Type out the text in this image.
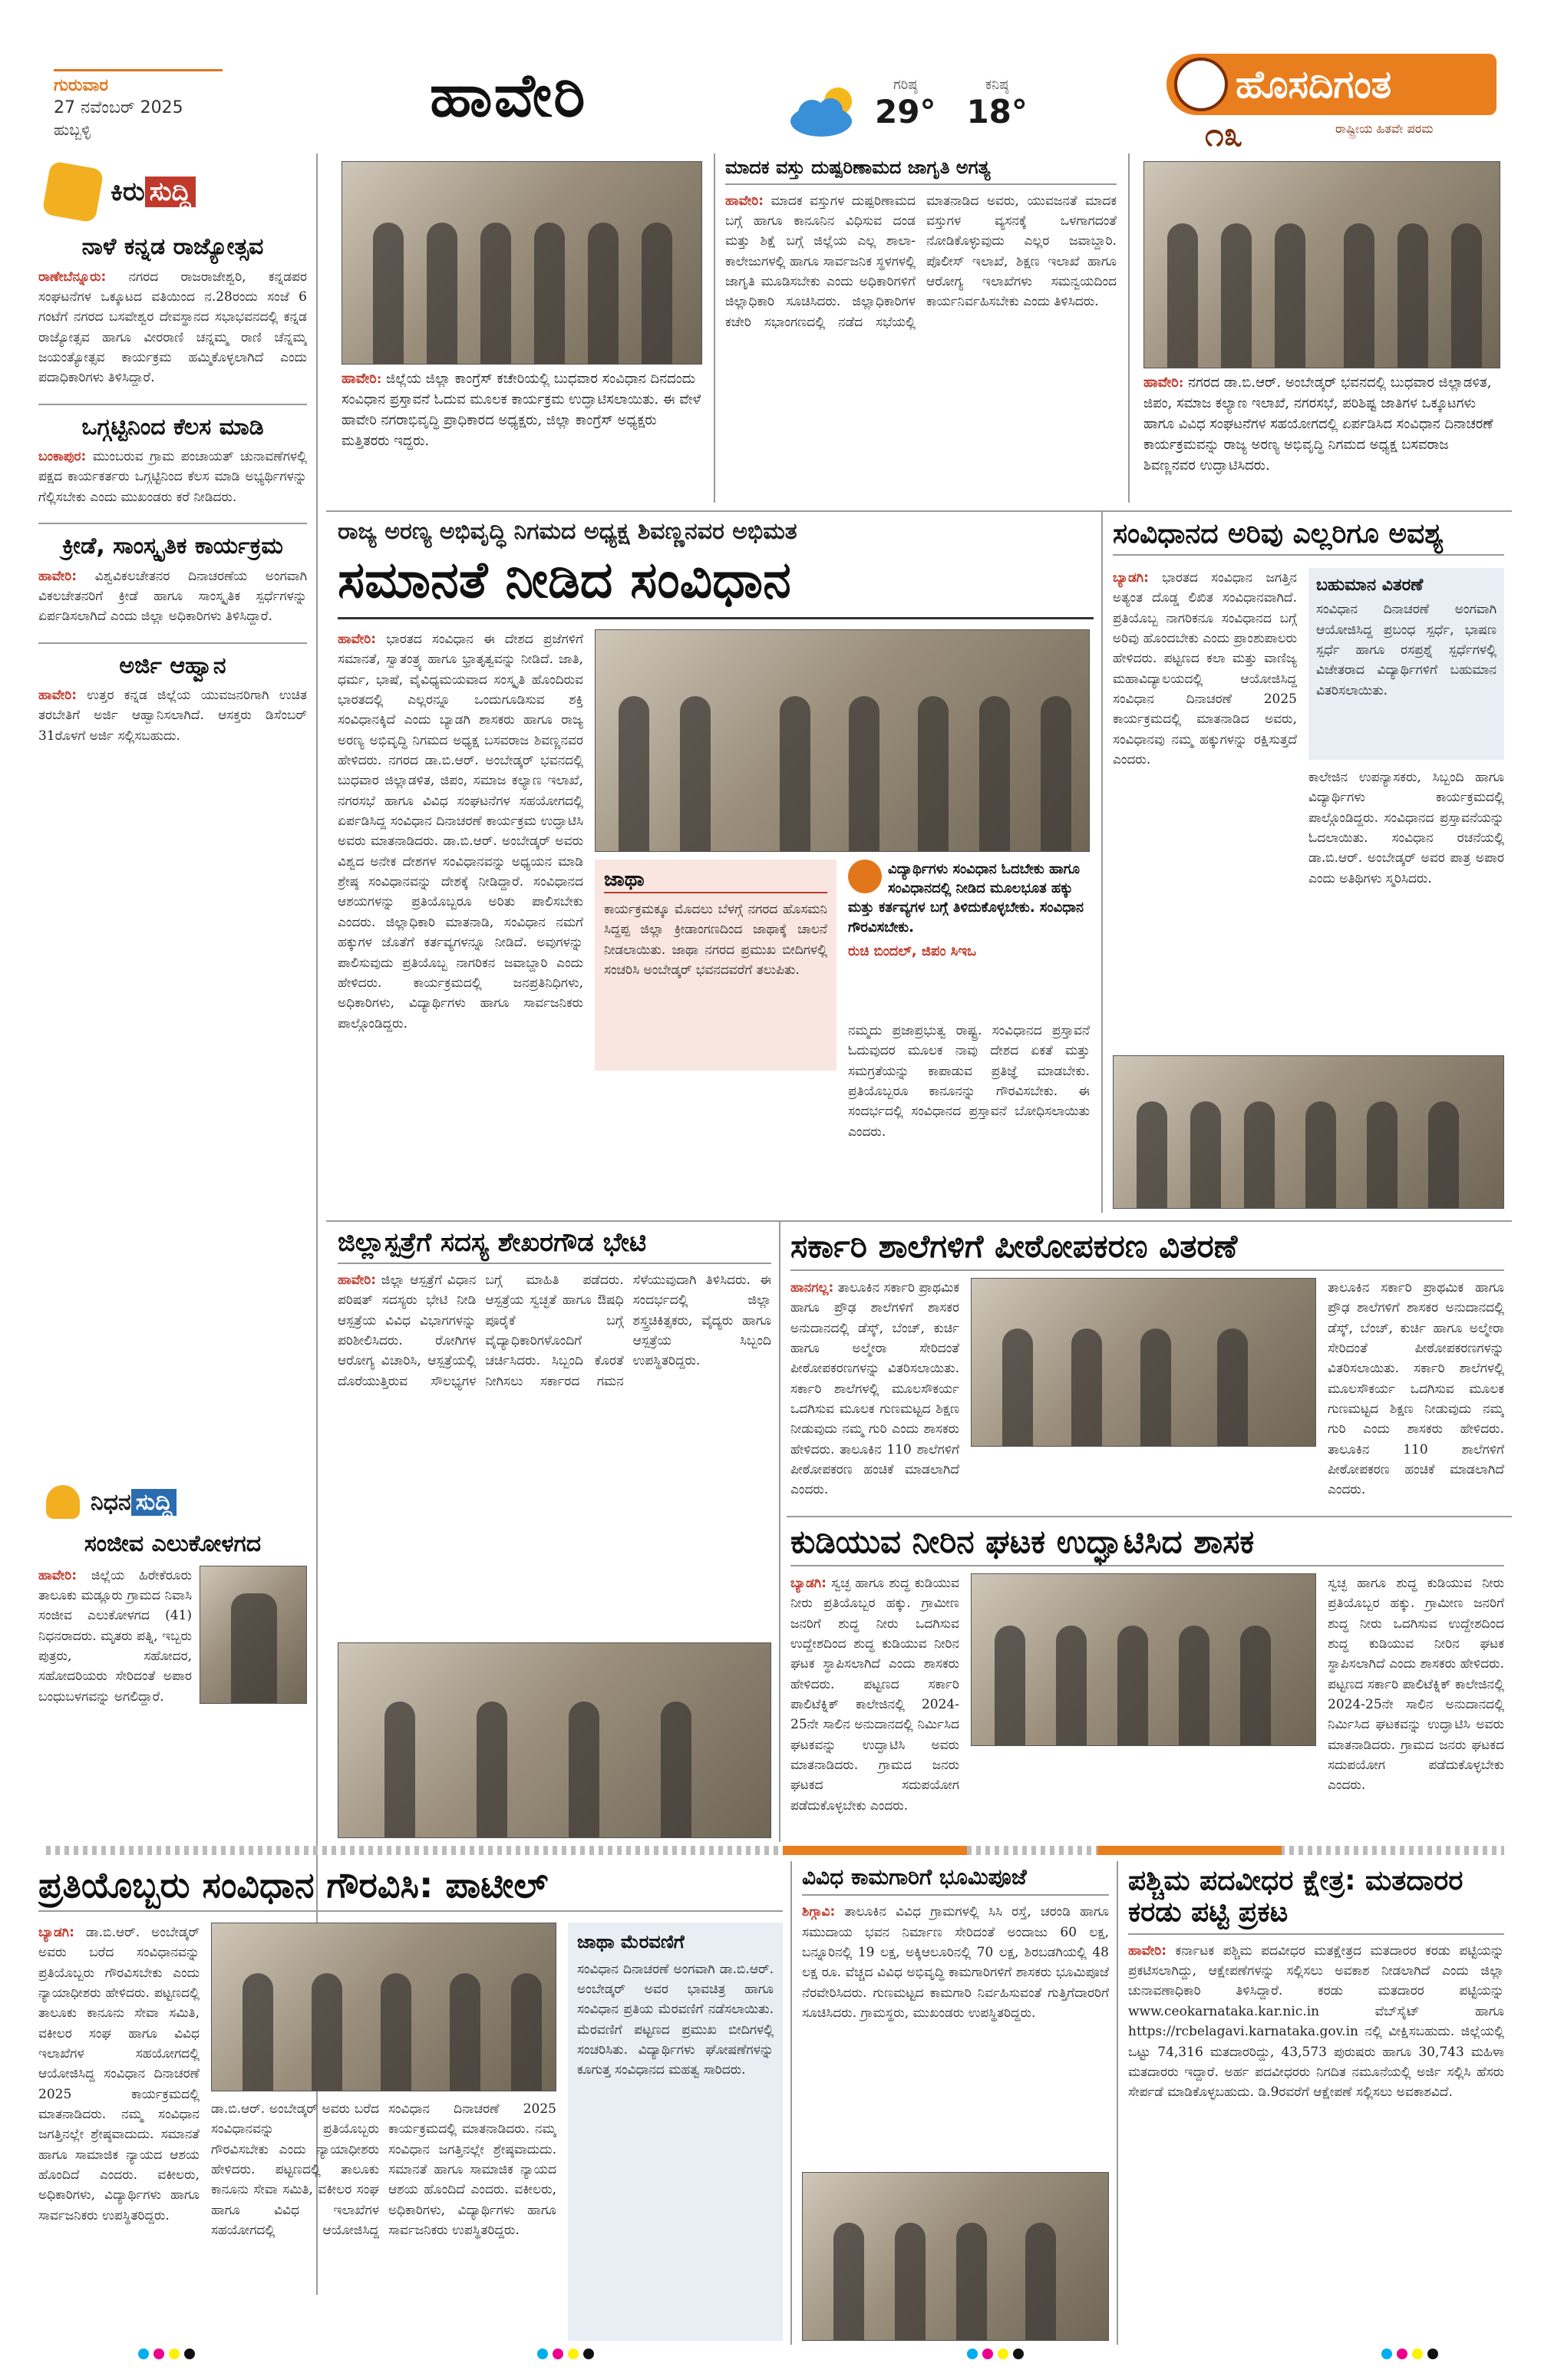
ಗುರುವಾರ
27 ನವೆಂಬರ್ 2025
ಹುಬ್ಬಳ್ಳಿ	ಹಾವೇರಿ	ಗರಿಷ್ಠ
29°
ಕನಿಷ್ಠ
18°
ಹೊಸದಿಗಂತ
೧೩	ರಾಷ್ಟ್ರೀಯ ಹಿತವೇ ಪರಮ
ಕಿರು ಸುದ್ದಿ
ನಾಳೆ ಕನ್ನಡ ರಾಜ್ಯೋತ್ಸವ

ರಾಣೇಬೆನ್ನೂರು: ನಗರದ ರಾಜರಾಜೇಶ್ವರಿ, ಕನ್ನಡಪರ ಸಂಘಟನೆಗಳ ಒಕ್ಕೂಟದ ವತಿಯಿಂದ ನ.28ರಂದು ಸಂಜೆ 6 ಗಂಟೆಗೆ ನಗರದ ಬಸವೇಶ್ವರ ದೇವಸ್ಥಾನದ ಸಭಾಭವನದಲ್ಲಿ ಕನ್ನಡ ರಾಜ್ಯೋತ್ಸವ ಹಾಗೂ ವೀರರಾಣಿ ಚನ್ನಮ್ಮ ರಾಣಿ ಚೆನ್ನಮ್ಮ ಜಯಂತ್ಯೋತ್ಸವ ಕಾರ್ಯಕ್ರಮ ಹಮ್ಮಿಕೊಳ್ಳಲಾಗಿದೆ ಎಂದು ಪದಾಧಿಕಾರಿಗಳು ತಿಳಿಸಿದ್ದಾರೆ.

ಒಗ್ಗಟ್ಟಿನಿಂದ ಕೆಲಸ ಮಾಡಿ

ಬಂಕಾಪುರ: ಮುಂಬರುವ ಗ್ರಾಮ ಪಂಚಾಯತ್ ಚುನಾವಣೆಗಳಲ್ಲಿ ಪಕ್ಷದ ಕಾರ್ಯಕರ್ತರು ಒಗ್ಗಟ್ಟಿನಿಂದ ಕೆಲಸ ಮಾಡಿ ಅಭ್ಯರ್ಥಿಗಳನ್ನು ಗೆಲ್ಲಿಸಬೇಕು ಎಂದು ಮುಖಂಡರು ಕರೆ ನೀಡಿದರು.

ಕ್ರೀಡೆ, ಸಾಂಸ್ಕೃತಿಕ ಕಾರ್ಯಕ್ರಮ

ಹಾವೇರಿ: ವಿಶ್ವವಿಕಲಚೇತನರ ದಿನಾಚರಣೆಯ ಅಂಗವಾಗಿ ವಿಕಲಚೇತನರಿಗೆ ಕ್ರೀಡೆ ಹಾಗೂ ಸಾಂಸ್ಕೃತಿಕ ಸ್ಪರ್ಧೆಗಳನ್ನು ಏರ್ಪಡಿಸಲಾಗಿದೆ ಎಂದು ಜಿಲ್ಲಾ ಅಧಿಕಾರಿಗಳು ತಿಳಿಸಿದ್ದಾರೆ.

ಅರ್ಜಿ ಆಹ್ವಾನ

ಹಾವೇರಿ: ಉತ್ತರ ಕನ್ನಡ ಜಿಲ್ಲೆಯ ಯುವಜನರಿಗಾಗಿ ಉಚಿತ ತರಬೇತಿಗೆ ಅರ್ಜಿ ಆಹ್ವಾನಿಸಲಾಗಿದೆ. ಆಸಕ್ತರು ಡಿಸೆಂಬರ್ 31ರೊಳಗೆ ಅರ್ಜಿ ಸಲ್ಲಿಸಬಹುದು.

ನಿಧನ ಸುದ್ದಿ
ಸಂಜೀವ ಎಲುಕೋಳಗದ

ಹಾವೇರಿ: ಜಿಲ್ಲೆಯ ಹಿರೇಕೆರೂರು ತಾಲೂಕು ಮಡ್ಲೂರು ಗ್ರಾಮದ ನಿವಾಸಿ ಸಂಜೀವ ಎಲುಕೋಳಗದ (41) ನಿಧನರಾದರು. ಮೃತರು ಪತ್ನಿ, ಇಬ್ಬರು ಪುತ್ರರು, ಸಹೋದರ, ಸಹೋದರಿಯರು ಸೇರಿದಂತೆ ಅಪಾರ ಬಂಧುಬಳಗವನ್ನು ಅಗಲಿದ್ದಾರೆ.

ಹಾವೇರಿ: ಜಿಲ್ಲೆಯ ಜಿಲ್ಲಾ ಕಾಂಗ್ರೆಸ್ ಕಚೇರಿಯಲ್ಲಿ ಬುಧವಾರ ಸಂವಿಧಾನ ದಿನದಂದು ಸಂವಿಧಾನ ಪ್ರಸ್ತಾವನೆ ಓದುವ ಮೂಲಕ ಕಾರ್ಯಕ್ರಮ ಉದ್ಘಾಟಿಸಲಾಯಿತು. ಈ ವೇಳೆ ಹಾವೇರಿ ನಗರಾಭಿವೃದ್ಧಿ ಪ್ರಾಧಿಕಾರದ ಅಧ್ಯಕ್ಷರು, ಜಿಲ್ಲಾ ಕಾಂಗ್ರೆಸ್ ಅಧ್ಯಕ್ಷರು ಮತ್ತಿತರರು ಇದ್ದರು.
ಮಾದಕ ವಸ್ತು ದುಷ್ಪರಿಣಾಮದ ಜಾಗೃತಿ ಅಗತ್ಯ

ಹಾವೇರಿ: ಮಾದಕ ವಸ್ತುಗಳ ದುಷ್ಪರಿಣಾಮದ ಬಗ್ಗೆ ಹಾಗೂ ಕಾನೂನಿನ ವಿಧಿಸುವ ದಂಡ ಮತ್ತು ಶಿಕ್ಷೆ ಬಗ್ಗೆ ಜಿಲ್ಲೆಯ ಎಲ್ಲ ಶಾಲಾ-ಕಾಲೇಜುಗಳಲ್ಲಿ ಹಾಗೂ ಸಾರ್ವಜನಿಕ ಸ್ಥಳಗಳಲ್ಲಿ ಜಾಗೃತಿ ಮೂಡಿಸಬೇಕು ಎಂದು ಅಧಿಕಾರಿಗಳಿಗೆ ಜಿಲ್ಲಾಧಿಕಾರಿ ಸೂಚಿಸಿದರು. ಜಿಲ್ಲಾಧಿಕಾರಿಗಳ ಕಚೇರಿ ಸಭಾಂಗಣದಲ್ಲಿ ನಡೆದ ಸಭೆಯಲ್ಲಿ ಮಾತನಾಡಿದ ಅವರು, ಯುವಜನತೆ ಮಾದಕ ವಸ್ತುಗಳ ವ್ಯಸನಕ್ಕೆ ಒಳಗಾಗದಂತೆ ನೋಡಿಕೊಳ್ಳುವುದು ಎಲ್ಲರ ಜವಾಬ್ದಾರಿ. ಪೊಲೀಸ್ ಇಲಾಖೆ, ಶಿಕ್ಷಣ ಇಲಾಖೆ ಹಾಗೂ ಆರೋಗ್ಯ ಇಲಾಖೆಗಳು ಸಮನ್ವಯದಿಂದ ಕಾರ್ಯನಿರ್ವಹಿಸಬೇಕು ಎಂದು ತಿಳಿಸಿದರು.

ಹಾವೇರಿ: ನಗರದ ಡಾ.ಬಿ.ಆರ್. ಅಂಬೇಡ್ಕರ್ ಭವನದಲ್ಲಿ ಬುಧವಾರ ಜಿಲ್ಲಾಡಳಿತ, ಜಿಪಂ, ಸಮಾಜ ಕಲ್ಯಾಣ ಇಲಾಖೆ, ನಗರಸಭೆ, ಪರಿಶಿಷ್ಟ ಜಾತಿಗಳ ಒಕ್ಕೂಟಗಳು ಹಾಗೂ ವಿವಿಧ ಸಂಘಟನೆಗಳ ಸಹಯೋಗದಲ್ಲಿ ಏರ್ಪಡಿಸಿದ ಸಂವಿಧಾನ ದಿನಾಚರಣೆ ಕಾರ್ಯಕ್ರಮವನ್ನು ರಾಜ್ಯ ಅರಣ್ಯ ಅಭಿವೃದ್ಧಿ ನಿಗಮದ ಅಧ್ಯಕ್ಷ ಬಸವರಾಜ ಶಿವಣ್ಣನವರ ಉದ್ಘಾಟಿಸಿದರು.
ರಾಜ್ಯ ಅರಣ್ಯ ಅಭಿವೃದ್ಧಿ ನಿಗಮದ ಅಧ್ಯಕ್ಷ ಶಿವಣ್ಣನವರ ಅಭಿಮತ
ಸಮಾನತೆ ನೀಡಿದ ಸಂವಿಧಾನ

ಹಾವೇರಿ: ಭಾರತದ ಸಂವಿಧಾನ ಈ ದೇಶದ ಪ್ರಜೆಗಳಿಗೆ ಸಮಾನತೆ, ಸ್ವಾತಂತ್ರ್ಯ ಹಾಗೂ ಭ್ರಾತೃತ್ವವನ್ನು ನೀಡಿದೆ. ಜಾತಿ, ಧರ್ಮ, ಭಾಷೆ, ವೈವಿಧ್ಯಮಯವಾದ ಸಂಸ್ಕೃತಿ ಹೊಂದಿರುವ ಭಾರತದಲ್ಲಿ ಎಲ್ಲರನ್ನೂ ಒಂದುಗೂಡಿಸುವ ಶಕ್ತಿ ಸಂವಿಧಾನಕ್ಕಿದೆ ಎಂದು ಬ್ಯಾಡಗಿ ಶಾಸಕರು ಹಾಗೂ ರಾಜ್ಯ ಅರಣ್ಯ ಅಭಿವೃದ್ಧಿ ನಿಗಮದ ಅಧ್ಯಕ್ಷ ಬಸವರಾಜ ಶಿವಣ್ಣನವರ ಹೇಳಿದರು. ನಗರದ ಡಾ.ಬಿ.ಆರ್. ಅಂಬೇಡ್ಕರ್ ಭವನದಲ್ಲಿ ಬುಧವಾರ ಜಿಲ್ಲಾಡಳಿತ, ಜಿಪಂ, ಸಮಾಜ ಕಲ್ಯಾಣ ಇಲಾಖೆ, ನಗರಸಭೆ ಹಾಗೂ ವಿವಿಧ ಸಂಘಟನೆಗಳ ಸಹಯೋಗದಲ್ಲಿ ಏರ್ಪಡಿಸಿದ್ದ ಸಂವಿಧಾನ ದಿನಾಚರಣೆ ಕಾರ್ಯಕ್ರಮ ಉದ್ಘಾಟಿಸಿ ಅವರು ಮಾತನಾಡಿದರು. ಡಾ.ಬಿ.ಆರ್. ಅಂಬೇಡ್ಕರ್ ಅವರು ವಿಶ್ವದ ಅನೇಕ ದೇಶಗಳ ಸಂವಿಧಾನವನ್ನು ಅಧ್ಯಯನ ಮಾಡಿ ಶ್ರೇಷ್ಠ ಸಂವಿಧಾನವನ್ನು ದೇಶಕ್ಕೆ ನೀಡಿದ್ದಾರೆ. ಸಂವಿಧಾನದ ಆಶಯಗಳನ್ನು ಪ್ರತಿಯೊಬ್ಬರೂ ಅರಿತು ಪಾಲಿಸಬೇಕು ಎಂದರು. ಜಿಲ್ಲಾಧಿಕಾರಿ ಮಾತನಾಡಿ, ಸಂವಿಧಾನ ನಮಗೆ ಹಕ್ಕುಗಳ ಜೊತೆಗೆ ಕರ್ತವ್ಯಗಳನ್ನೂ ನೀಡಿದೆ. ಅವುಗಳನ್ನು ಪಾಲಿಸುವುದು ಪ್ರತಿಯೊಬ್ಬ ನಾಗರಿಕನ ಜವಾಬ್ದಾರಿ ಎಂದು ಹೇಳಿದರು. ಕಾರ್ಯಕ್ರಮದಲ್ಲಿ ಜನಪ್ರತಿನಿಧಿಗಳು, ಅಧಿಕಾರಿಗಳು, ವಿದ್ಯಾರ್ಥಿಗಳು ಹಾಗೂ ಸಾರ್ವಜನಿಕರು ಪಾಲ್ಗೊಂಡಿದ್ದರು.

ಜಾಥಾ

ಕಾರ್ಯಕ್ರಮಕ್ಕೂ ಮೊದಲು ಬೆಳಗ್ಗೆ ನಗರದ ಹೊಸಮನಿ ಸಿದ್ದಪ್ಪ ಜಿಲ್ಲಾ ಕ್ರೀಡಾಂಗಣದಿಂದ ಜಾಥಾಕ್ಕೆ ಚಾಲನೆ ನೀಡಲಾಯಿತು. ಜಾಥಾ ನಗರದ ಪ್ರಮುಖ ಬೀದಿಗಳಲ್ಲಿ ಸಂಚರಿಸಿ ಅಂಬೇಡ್ಕರ್ ಭವನದವರೆಗೆ ತಲುಪಿತು.

ವಿದ್ಯಾರ್ಥಿಗಳು ಸಂವಿಧಾನ ಓದಬೇಕು ಹಾಗೂ ಸಂವಿಧಾನದಲ್ಲಿ ನೀಡಿದ ಮೂಲಭೂತ ಹಕ್ಕು ಮತ್ತು ಕರ್ತವ್ಯಗಳ ಬಗ್ಗೆ ತಿಳಿದುಕೊಳ್ಳಬೇಕು. ಸಂವಿಧಾನ ಗೌರವಿಸಬೇಕು.

ರುಚಿ ಬಿಂದಲ್, ಜಿಪಂ ಸಿಇಒ

ನಮ್ಮದು ಪ್ರಜಾಪ್ರಭುತ್ವ ರಾಷ್ಟ್ರ. ಸಂವಿಧಾನದ ಪ್ರಸ್ತಾವನೆ ಓದುವುದರ ಮೂಲಕ ನಾವು ದೇಶದ ಏಕತೆ ಮತ್ತು ಸಮಗ್ರತೆಯನ್ನು ಕಾಪಾಡುವ ಪ್ರತಿಜ್ಞೆ ಮಾಡಬೇಕು. ಪ್ರತಿಯೊಬ್ಬರೂ ಕಾನೂನನ್ನು ಗೌರವಿಸಬೇಕು. ಈ ಸಂದರ್ಭದಲ್ಲಿ ಸಂವಿಧಾನದ ಪ್ರಸ್ತಾವನೆ ಬೋಧಿಸಲಾಯಿತು ಎಂದರು.

ಸಂವಿಧಾನದ ಅರಿವು ಎಲ್ಲರಿಗೂ ಅವಶ್ಯ

ಬ್ಯಾಡಗಿ: ಭಾರತದ ಸಂವಿಧಾನ ಜಗತ್ತಿನ ಅತ್ಯಂತ ದೊಡ್ಡ ಲಿಖಿತ ಸಂವಿಧಾನವಾಗಿದೆ. ಪ್ರತಿಯೊಬ್ಬ ನಾಗರಿಕನೂ ಸಂವಿಧಾನದ ಬಗ್ಗೆ ಅರಿವು ಹೊಂದಬೇಕು ಎಂದು ಪ್ರಾಂಶುಪಾಲರು ಹೇಳಿದರು. ಪಟ್ಟಣದ ಕಲಾ ಮತ್ತು ವಾಣಿಜ್ಯ ಮಹಾವಿದ್ಯಾಲಯದಲ್ಲಿ ಆಯೋಜಿಸಿದ್ದ ಸಂವಿಧಾನ ದಿನಾಚರಣೆ 2025 ಕಾರ್ಯಕ್ರಮದಲ್ಲಿ ಮಾತನಾಡಿದ ಅವರು, ಸಂವಿಧಾನವು ನಮ್ಮ ಹಕ್ಕುಗಳನ್ನು ರಕ್ಷಿಸುತ್ತದೆ ಎಂದರು.

ಬಹುಮಾನ ವಿತರಣೆ

ಸಂವಿಧಾನ ದಿನಾಚರಣೆ ಅಂಗವಾಗಿ ಆಯೋಜಿಸಿದ್ದ ಪ್ರಬಂಧ ಸ್ಪರ್ಧೆ, ಭಾಷಣ ಸ್ಪರ್ಧೆ ಹಾಗೂ ರಸಪ್ರಶ್ನೆ ಸ್ಪರ್ಧೆಗಳಲ್ಲಿ ವಿಜೇತರಾದ ವಿದ್ಯಾರ್ಥಿಗಳಿಗೆ ಬಹುಮಾನ ವಿತರಿಸಲಾಯಿತು.

ಕಾಲೇಜಿನ ಉಪನ್ಯಾಸಕರು, ಸಿಬ್ಬಂದಿ ಹಾಗೂ ವಿದ್ಯಾರ್ಥಿಗಳು ಕಾರ್ಯಕ್ರಮದಲ್ಲಿ ಪಾಲ್ಗೊಂಡಿದ್ದರು. ಸಂವಿಧಾನದ ಪ್ರಸ್ತಾವನೆಯನ್ನು ಓದಲಾಯಿತು. ಸಂವಿಧಾನ ರಚನೆಯಲ್ಲಿ ಡಾ.ಬಿ.ಆರ್. ಅಂಬೇಡ್ಕರ್ ಅವರ ಪಾತ್ರ ಅಪಾರ ಎಂದು ಅತಿಥಿಗಳು ಸ್ಮರಿಸಿದರು.

ಜಿಲ್ಲಾಸ್ಪತ್ರೆಗೆ ಸದಸ್ಯ ಶೇಖರಗೌಡ ಭೇಟಿ

ಹಾವೇರಿ: ಜಿಲ್ಲಾ ಆಸ್ಪತ್ರೆಗೆ ವಿಧಾನ ಪರಿಷತ್ ಸದಸ್ಯರು ಭೇಟಿ ನೀಡಿ ಆಸ್ಪತ್ರೆಯ ವಿವಿಧ ವಿಭಾಗಗಳನ್ನು ಪರಿಶೀಲಿಸಿದರು. ರೋಗಿಗಳ ಆರೋಗ್ಯ ವಿಚಾರಿಸಿ, ಆಸ್ಪತ್ರೆಯಲ್ಲಿ ದೊರೆಯುತ್ತಿರುವ ಸೌಲಭ್ಯಗಳ ಬಗ್ಗೆ ಮಾಹಿತಿ ಪಡೆದರು. ಆಸ್ಪತ್ರೆಯ ಸ್ವಚ್ಛತೆ ಹಾಗೂ ಔಷಧಿ ಪೂರೈಕೆ ಬಗ್ಗೆ ವೈದ್ಯಾಧಿಕಾರಿಗಳೊಂದಿಗೆ ಚರ್ಚಿಸಿದರು. ಸಿಬ್ಬಂದಿ ಕೊರತೆ ನೀಗಿಸಲು ಸರ್ಕಾರದ ಗಮನ ಸೆಳೆಯುವುದಾಗಿ ತಿಳಿಸಿದರು. ಈ ಸಂದರ್ಭದಲ್ಲಿ ಜಿಲ್ಲಾ ಶಸ್ತ್ರಚಿಕಿತ್ಸಕರು, ವೈದ್ಯರು ಹಾಗೂ ಆಸ್ಪತ್ರೆಯ ಸಿಬ್ಬಂದಿ ಉಪಸ್ಥಿತರಿದ್ದರು.

ಸರ್ಕಾರಿ ಶಾಲೆಗಳಿಗೆ ಪೀಠೋಪಕರಣ ವಿತರಣೆ

ಹಾನಗಲ್ಲ: ತಾಲೂಕಿನ ಸರ್ಕಾರಿ ಪ್ರಾಥಮಿಕ ಹಾಗೂ ಪ್ರೌಢ ಶಾಲೆಗಳಿಗೆ ಶಾಸಕರ ಅನುದಾನದಲ್ಲಿ ಡೆಸ್ಕ್, ಬೆಂಚ್, ಕುರ್ಚಿ ಹಾಗೂ ಅಲ್ಮೇರಾ ಸೇರಿದಂತೆ ಪೀಠೋಪಕರಣಗಳನ್ನು ವಿತರಿಸಲಾಯಿತು. ಸರ್ಕಾರಿ ಶಾಲೆಗಳಲ್ಲಿ ಮೂಲಸೌಕರ್ಯ ಒದಗಿಸುವ ಮೂಲಕ ಗುಣಮಟ್ಟದ ಶಿಕ್ಷಣ ನೀಡುವುದು ನಮ್ಮ ಗುರಿ ಎಂದು ಶಾಸಕರು ಹೇಳಿದರು. ತಾಲೂಕಿನ 110 ಶಾಲೆಗಳಿಗೆ ಪೀಠೋಪಕರಣ ಹಂಚಿಕೆ ಮಾಡಲಾಗಿದೆ ಎಂದರು.

ತಾಲೂಕಿನ ಸರ್ಕಾರಿ ಪ್ರಾಥಮಿಕ ಹಾಗೂ ಪ್ರೌಢ ಶಾಲೆಗಳಿಗೆ ಶಾಸಕರ ಅನುದಾನದಲ್ಲಿ ಡೆಸ್ಕ್, ಬೆಂಚ್, ಕುರ್ಚಿ ಹಾಗೂ ಅಲ್ಮೇರಾ ಸೇರಿದಂತೆ ಪೀಠೋಪಕರಣಗಳನ್ನು ವಿತರಿಸಲಾಯಿತು. ಸರ್ಕಾರಿ ಶಾಲೆಗಳಲ್ಲಿ ಮೂಲಸೌಕರ್ಯ ಒದಗಿಸುವ ಮೂಲಕ ಗುಣಮಟ್ಟದ ಶಿಕ್ಷಣ ನೀಡುವುದು ನಮ್ಮ ಗುರಿ ಎಂದು ಶಾಸಕರು ಹೇಳಿದರು. ತಾಲೂಕಿನ 110 ಶಾಲೆಗಳಿಗೆ ಪೀಠೋಪಕರಣ ಹಂಚಿಕೆ ಮಾಡಲಾಗಿದೆ ಎಂದರು.

ಕುಡಿಯುವ ನೀರಿನ ಘಟಕ ಉದ್ಘಾಟಿಸಿದ ಶಾಸಕ

ಬ್ಯಾಡಗಿ: ಸ್ವಚ್ಛ ಹಾಗೂ ಶುದ್ಧ ಕುಡಿಯುವ ನೀರು ಪ್ರತಿಯೊಬ್ಬರ ಹಕ್ಕು. ಗ್ರಾಮೀಣ ಜನರಿಗೆ ಶುದ್ಧ ನೀರು ಒದಗಿಸುವ ಉದ್ದೇಶದಿಂದ ಶುದ್ಧ ಕುಡಿಯುವ ನೀರಿನ ಘಟಕ ಸ್ಥಾಪಿಸಲಾಗಿದೆ ಎಂದು ಶಾಸಕರು ಹೇಳಿದರು. ಪಟ್ಟಣದ ಸರ್ಕಾರಿ ಪಾಲಿಟೆಕ್ನಿಕ್ ಕಾಲೇಜಿನಲ್ಲಿ 2024-25ನೇ ಸಾಲಿನ ಅನುದಾನದಲ್ಲಿ ನಿರ್ಮಿಸಿದ ಘಟಕವನ್ನು ಉದ್ಘಾಟಿಸಿ ಅವರು ಮಾತನಾಡಿದರು. ಗ್ರಾಮದ ಜನರು ಘಟಕದ ಸದುಪಯೋಗ ಪಡೆದುಕೊಳ್ಳಬೇಕು ಎಂದರು.

ಸ್ವಚ್ಛ ಹಾಗೂ ಶುದ್ಧ ಕುಡಿಯುವ ನೀರು ಪ್ರತಿಯೊಬ್ಬರ ಹಕ್ಕು. ಗ್ರಾಮೀಣ ಜನರಿಗೆ ಶುದ್ಧ ನೀರು ಒದಗಿಸುವ ಉದ್ದೇಶದಿಂದ ಶುದ್ಧ ಕುಡಿಯುವ ನೀರಿನ ಘಟಕ ಸ್ಥಾಪಿಸಲಾಗಿದೆ ಎಂದು ಶಾಸಕರು ಹೇಳಿದರು. ಪಟ್ಟಣದ ಸರ್ಕಾರಿ ಪಾಲಿಟೆಕ್ನಿಕ್ ಕಾಲೇಜಿನಲ್ಲಿ 2024-25ನೇ ಸಾಲಿನ ಅನುದಾನದಲ್ಲಿ ನಿರ್ಮಿಸಿದ ಘಟಕವನ್ನು ಉದ್ಘಾಟಿಸಿ ಅವರು ಮಾತನಾಡಿದರು. ಗ್ರಾಮದ ಜನರು ಘಟಕದ ಸದುಪಯೋಗ ಪಡೆದುಕೊಳ್ಳಬೇಕು ಎಂದರು.

ಪ್ರತಿಯೊಬ್ಬರು ಸಂವಿಧಾನ ಗೌರವಿಸಿ: ಪಾಟೀಲ್

ಬ್ಯಾಡಗಿ: ಡಾ.ಬಿ.ಆರ್. ಅಂಬೇಡ್ಕರ್ ಅವರು ಬರೆದ ಸಂವಿಧಾನವನ್ನು ಪ್ರತಿಯೊಬ್ಬರು ಗೌರವಿಸಬೇಕು ಎಂದು ನ್ಯಾಯಾಧೀಶರು ಹೇಳಿದರು. ಪಟ್ಟಣದಲ್ಲಿ ತಾಲೂಕು ಕಾನೂನು ಸೇವಾ ಸಮಿತಿ, ವಕೀಲರ ಸಂಘ ಹಾಗೂ ವಿವಿಧ ಇಲಾಖೆಗಳ ಸಹಯೋಗದಲ್ಲಿ ಆಯೋಜಿಸಿದ್ದ ಸಂವಿಧಾನ ದಿನಾಚರಣೆ 2025 ಕಾರ್ಯಕ್ರಮದಲ್ಲಿ ಮಾತನಾಡಿದರು. ನಮ್ಮ ಸಂವಿಧಾನ ಜಗತ್ತಿನಲ್ಲೇ ಶ್ರೇಷ್ಠವಾದುದು. ಸಮಾನತೆ ಹಾಗೂ ಸಾಮಾಜಿಕ ನ್ಯಾಯದ ಆಶಯ ಹೊಂದಿದೆ ಎಂದರು. ವಕೀಲರು, ಅಧಿಕಾರಿಗಳು, ವಿದ್ಯಾರ್ಥಿಗಳು ಹಾಗೂ ಸಾರ್ವಜನಿಕರು ಉಪಸ್ಥಿತರಿದ್ದರು.

ಡಾ.ಬಿ.ಆರ್. ಅಂಬೇಡ್ಕರ್ ಅವರು ಬರೆದ ಸಂವಿಧಾನವನ್ನು ಪ್ರತಿಯೊಬ್ಬರು ಗೌರವಿಸಬೇಕು ಎಂದು ನ್ಯಾಯಾಧೀಶರು ಹೇಳಿದರು. ಪಟ್ಟಣದಲ್ಲಿ ತಾಲೂಕು ಕಾನೂನು ಸೇವಾ ಸಮಿತಿ, ವಕೀಲರ ಸಂಘ ಹಾಗೂ ವಿವಿಧ ಇಲಾಖೆಗಳ ಸಹಯೋಗದಲ್ಲಿ ಆಯೋಜಿಸಿದ್ದ ಸಂವಿಧಾನ ದಿನಾಚರಣೆ 2025 ಕಾರ್ಯಕ್ರಮದಲ್ಲಿ ಮಾತನಾಡಿದರು. ನಮ್ಮ ಸಂವಿಧಾನ ಜಗತ್ತಿನಲ್ಲೇ ಶ್ರೇಷ್ಠವಾದುದು. ಸಮಾನತೆ ಹಾಗೂ ಸಾಮಾಜಿಕ ನ್ಯಾಯದ ಆಶಯ ಹೊಂದಿದೆ ಎಂದರು. ವಕೀಲರು, ಅಧಿಕಾರಿಗಳು, ವಿದ್ಯಾರ್ಥಿಗಳು ಹಾಗೂ ಸಾರ್ವಜನಿಕರು ಉಪಸ್ಥಿತರಿದ್ದರು.

ಜಾಥಾ ಮೆರವಣಿಗೆ

ಸಂವಿಧಾನ ದಿನಾಚರಣೆ ಅಂಗವಾಗಿ ಡಾ.ಬಿ.ಆರ್. ಅಂಬೇಡ್ಕರ್ ಅವರ ಭಾವಚಿತ್ರ ಹಾಗೂ ಸಂವಿಧಾನ ಪ್ರತಿಯ ಮೆರವಣಿಗೆ ನಡೆಸಲಾಯಿತು. ಮೆರವಣಿಗೆ ಪಟ್ಟಣದ ಪ್ರಮುಖ ಬೀದಿಗಳಲ್ಲಿ ಸಂಚರಿಸಿತು. ವಿದ್ಯಾರ್ಥಿಗಳು ಘೋಷಣೆಗಳನ್ನು ಕೂಗುತ್ತ ಸಂವಿಧಾನದ ಮಹತ್ವ ಸಾರಿದರು.

ವಿವಿಧ ಕಾಮಗಾರಿಗೆ ಭೂಮಿಪೂಜೆ

ಶಿಗ್ಗಾವಿ: ತಾಲೂಕಿನ ವಿವಿಧ ಗ್ರಾಮಗಳಲ್ಲಿ ಸಿಸಿ ರಸ್ತೆ, ಚರಂಡಿ ಹಾಗೂ ಸಮುದಾಯ ಭವನ ನಿರ್ಮಾಣ ಸೇರಿದಂತೆ ಅಂದಾಜು 60 ಲಕ್ಷ, ಬನ್ನೂರಿನಲ್ಲಿ 19 ಲಕ್ಷ, ಅಕ್ಕಿಆಲೂರಿನಲ್ಲಿ 70 ಲಕ್ಷ, ಶಿರಬಡಗಿಯಲ್ಲಿ 48 ಲಕ್ಷ ರೂ. ವೆಚ್ಚದ ವಿವಿಧ ಅಭಿವೃದ್ಧಿ ಕಾಮಗಾರಿಗಳಿಗೆ ಶಾಸಕರು ಭೂಮಿಪೂಜೆ ನೆರವೇರಿಸಿದರು. ಗುಣಮಟ್ಟದ ಕಾಮಗಾರಿ ನಿರ್ವಹಿಸುವಂತೆ ಗುತ್ತಿಗೆದಾರರಿಗೆ ಸೂಚಿಸಿದರು. ಗ್ರಾಮಸ್ಥರು, ಮುಖಂಡರು ಉಪಸ್ಥಿತರಿದ್ದರು.

ಪಶ್ಚಿಮ ಪದವೀಧರ ಕ್ಷೇತ್ರ: ಮತದಾರರ ಕರಡು ಪಟ್ಟಿ ಪ್ರಕಟ

ಹಾವೇರಿ: ಕರ್ನಾಟಕ ಪಶ್ಚಿಮ ಪದವೀಧರ ಮತಕ್ಷೇತ್ರದ ಮತದಾರರ ಕರಡು ಪಟ್ಟಿಯನ್ನು ಪ್ರಕಟಿಸಲಾಗಿದ್ದು, ಆಕ್ಷೇಪಣೆಗಳನ್ನು ಸಲ್ಲಿಸಲು ಅವಕಾಶ ನೀಡಲಾಗಿದೆ ಎಂದು ಜಿಲ್ಲಾ ಚುನಾವಣಾಧಿಕಾರಿ ತಿಳಿಸಿದ್ದಾರೆ. ಕರಡು ಮತದಾರರ ಪಟ್ಟಿಯನ್ನು www.ceokarnataka.kar.nic.in ವೆಬ್‌ಸೈಟ್ ಹಾಗೂ https://rcbelagavi.karnataka.gov.in ನಲ್ಲಿ ವೀಕ್ಷಿಸಬಹುದು. ಜಿಲ್ಲೆಯಲ್ಲಿ ಒಟ್ಟು 74,316 ಮತದಾರರಿದ್ದು, 43,573 ಪುರುಷರು ಹಾಗೂ 30,743 ಮಹಿಳಾ ಮತದಾರರು ಇದ್ದಾರೆ. ಅರ್ಹ ಪದವೀಧರರು ನಿಗದಿತ ನಮೂನೆಯಲ್ಲಿ ಅರ್ಜಿ ಸಲ್ಲಿಸಿ ಹೆಸರು ಸೇರ್ಪಡೆ ಮಾಡಿಕೊಳ್ಳಬಹುದು. ಡಿ.9ರವರೆಗೆ ಆಕ್ಷೇಪಣೆ ಸಲ್ಲಿಸಲು ಅವಕಾಶವಿದೆ.
